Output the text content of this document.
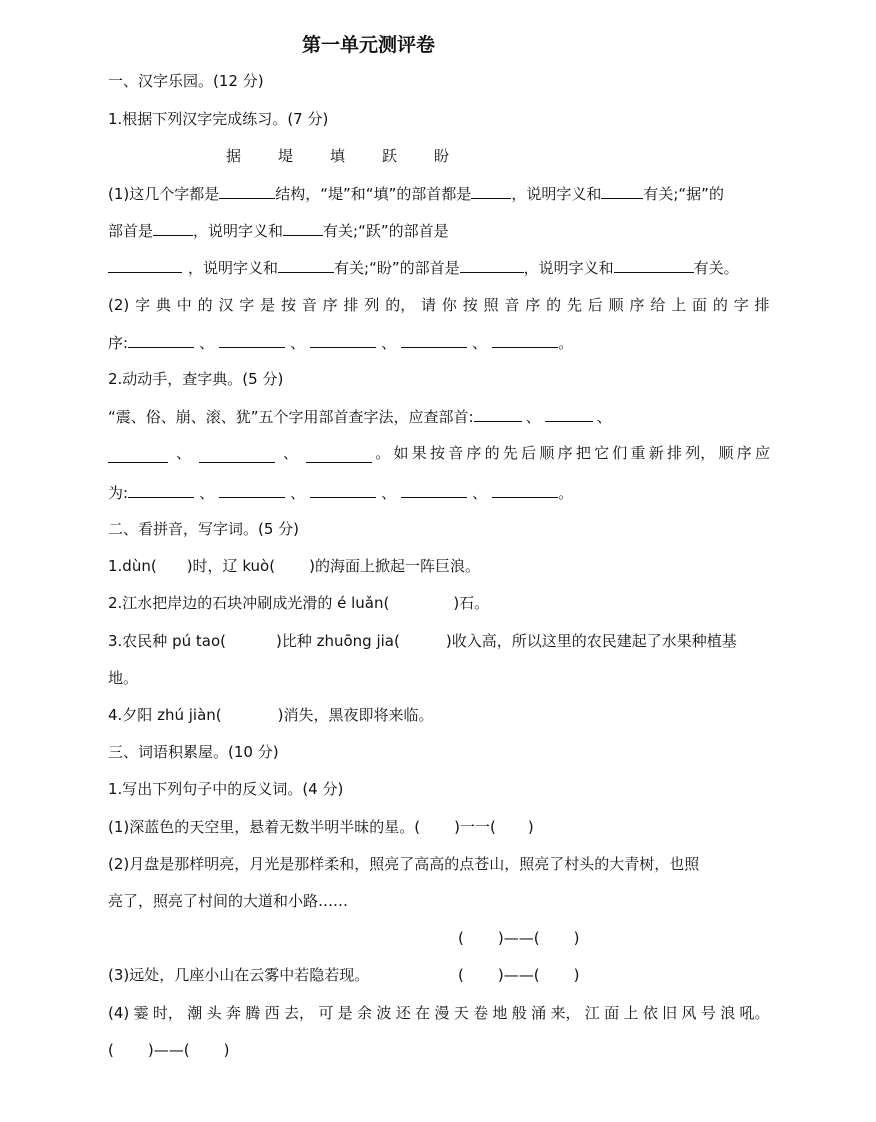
第一单元测评卷
一、汉字乐园。(12 分)
1.根据下列汉字完成练习。(7 分)
据 堤 填 跃 盼
(1)这几个字都是	结构，“堤”和“填”的部首都是	，说明字义和	有关;“据”的
部首是	，说明字义和	有关;“跃”的部首是
，说明字义和	有关;“盼”的部首是	，说明字义和	有关。
(2) 字 典 中 的 汉 字 是 按 音 序 排 列 的， 请 你 按 照 音 序 的 先 后 顺 序 给 上 面 的 字 排
序:	、	、	、	、	。
2.动动手，查字典。(5 分)
“震、俗、崩、滚、犹”五个字用部首查字法，应查部首:	、	、
、	、	。 如 果 按 音 序 的 先 后 顺 序 把 它 们 重 新 排 列， 顺 序 应
为:	、	、	、	、	。
二、看拼音，写字词。(5 分)
1.dùn( )时，辽 kuò( )的海面上掀起一阵巨浪。
2.江水把岸边的石块冲刷成光滑的 é luǎn(	)石。
3.农民种 pú tao(	)比种 zhuōng jia(	)收入高，所以这里的农民建起了水果种植基
地。
4.夕阳 zhú jiàn(	)消失，黑夜即将来临。
三、词语积累屋。(10 分)
1.写出下列句子中的反义词。(4 分)
(1)深蓝色的天空里，悬着无数半明半昧的星。( )一一( )
(2)月盘是那样明亮，月光是那样柔和，照亮了高高的点苍山，照亮了村头的大青树，也照
亮了，照亮了村间的大道和小路……
( )——( )
(3)远处，几座小山在云雾中若隐若现。	( )——( )
(4) 霎 时， 潮 头 奔 腾 西 去， 可 是 余 波 还 在 漫 天 卷 地 般 涌 来， 江 面 上 依 旧 风 号 浪 吼。
( )——( )
